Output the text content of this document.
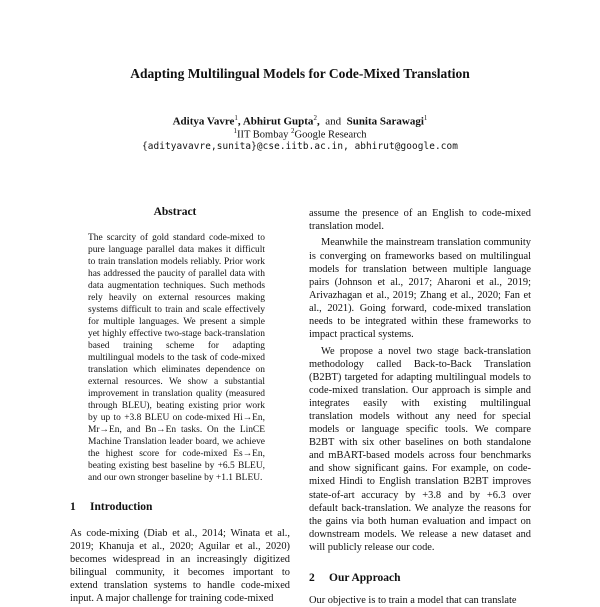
Adapting Multilingual Models for Code-Mixed Translation
Aditya Vavre$^1$, Abhirut Gupta$^2$, and Sunita Sarawagi$^1$
$^1$IIT Bombay $^2$Google Research
{adityavavre,sunita}@cse.iitb.ac.in, abhirut@google.com
Abstract
The scarcity of gold standard code-mixed to pure language parallel data makes it difficult to train translation models reliably. Prior work has addressed the paucity of parallel data with data augmentation techniques. Such methods rely heavily on external resources making systems difficult to train and scale effectively for multiple languages. We present a simple yet highly effective two-stage back-translation based training scheme for adapting multilingual models to the task of code-mixed translation which eliminates dependence on external resources. We show a substantial improvement in translation quality (measured through BLEU), beating existing prior work by up to +3.8 BLEU on code-mixed Hi→En, Mr→En, and Bn→En tasks. On the LinCE Machine Translation leader board, we achieve the highest score for code-mixed Es→En, beating existing best baseline by +6.5 BLEU, and our own stronger baseline by +1.1 BLEU.
1 Introduction
As code-mixing (Diab et al., 2014; Winata et al., 2019; Khanuja et al., 2020; Aguilar et al., 2020) becomes widespread in an increasingly digitized bilingual community, it becomes important to extend translation systems to handle code-mixed input. A major challenge for training code-mixed

assume the presence of an English to code-mixed translation model.

Meanwhile the mainstream translation community is converging on frameworks based on multilingual models for translation between multiple language pairs (Johnson et al., 2017; Aharoni et al., 2019; Arivazhagan et al., 2019; Zhang et al., 2020; Fan et al., 2021). Going forward, code-mixed translation needs to be integrated within these frameworks to impact practical systems.

We propose a novel two stage back-translation methodology called Back-to-Back Translation (B2BT) targeted for adapting multilingual models to code-mixed translation. Our approach is simple and integrates easily with existing multilingual translation models without any need for special models or language specific tools. We compare B2BT with six other baselines on both standalone and mBART-based models across four benchmarks and show significant gains. For example, on code-mixed Hindi to English translation B2BT improves state-of-art accuracy by +3.8 and by +6.3 over default back-translation. We analyze the reasons for the gains via both human evaluation and impact on downstream models. We release a new dataset and will publicly release our code.

2 Our Approach
Our objective is to train a model that can translate
